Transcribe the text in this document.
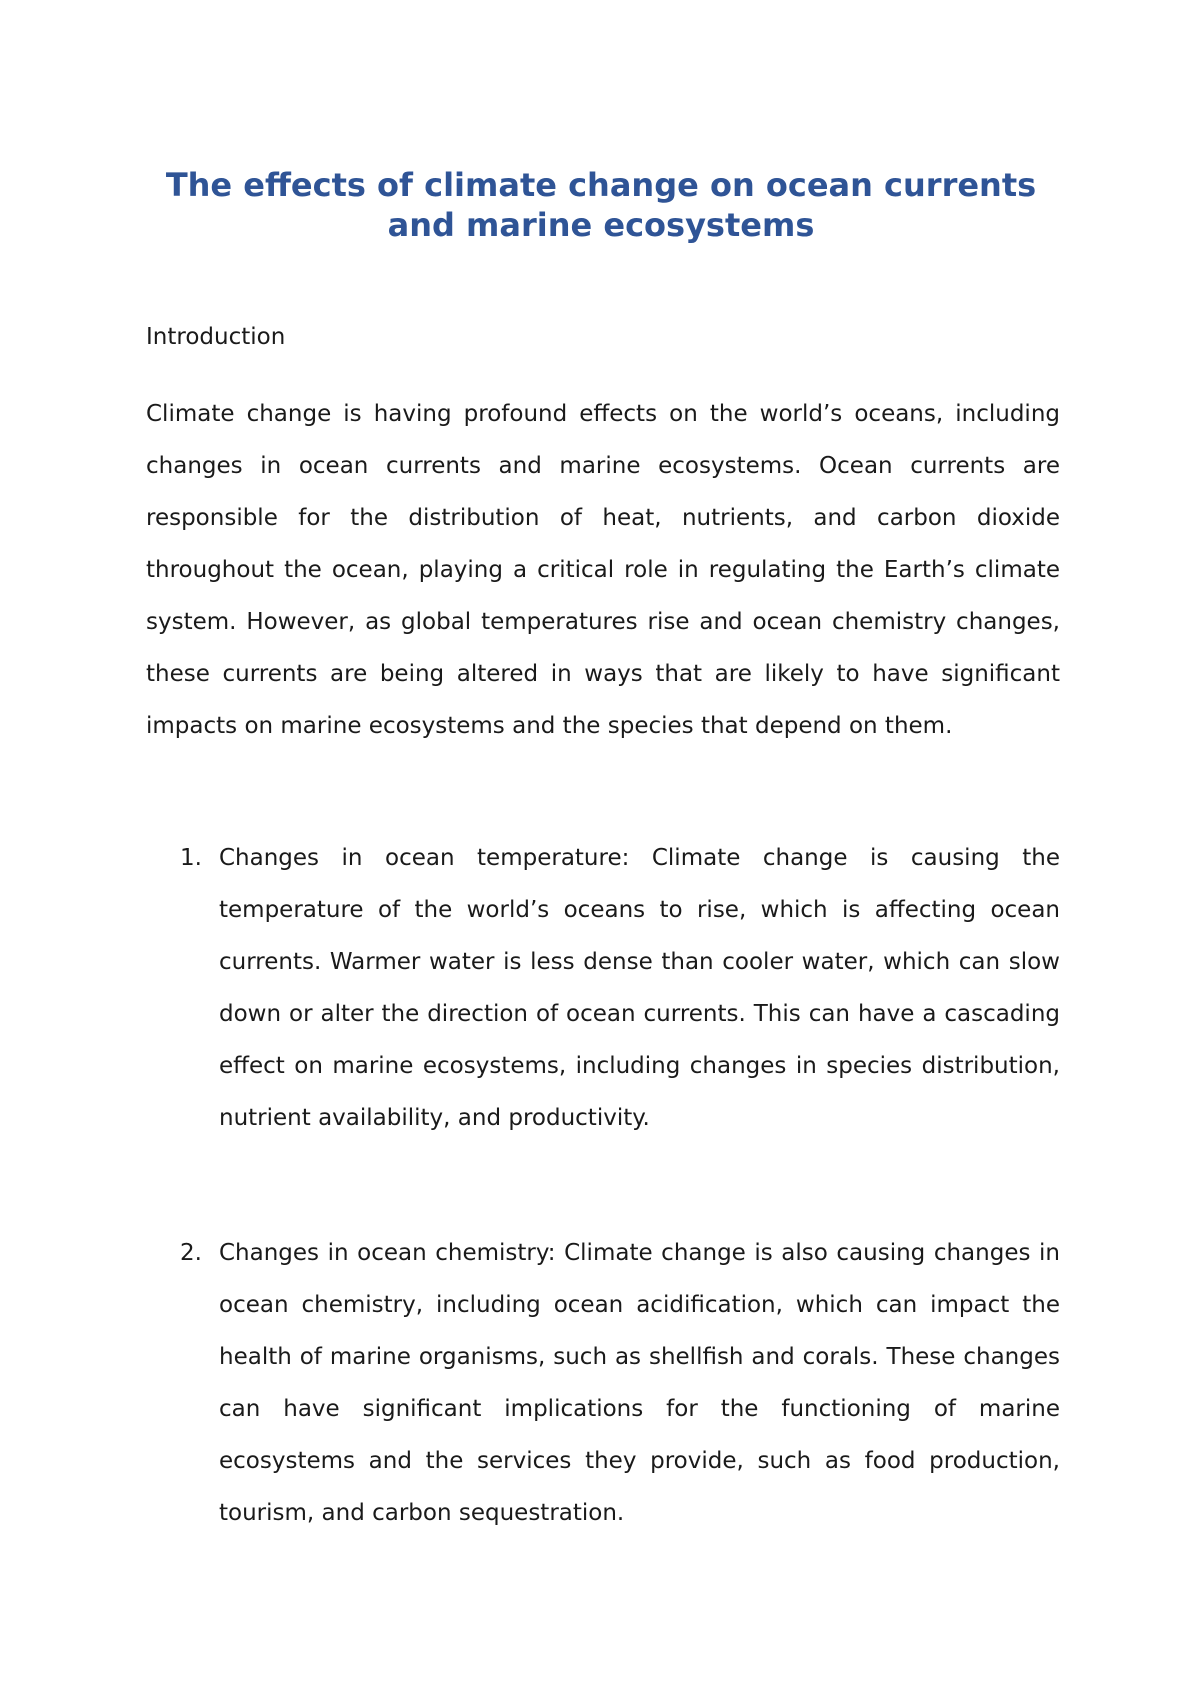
The effects of climate change on ocean currents and marine ecosystems
Introduction

Climate change is having profound effects on the world’s oceans, including changes in ocean currents and marine ecosystems. Ocean currents are responsible for the distribution of heat, nutrients, and carbon dioxide throughout the ocean, playing a critical role in regulating the Earth’s climate system. However, as global temperatures rise and ocean chemistry changes, these currents are being altered in ways that are likely to have significant impacts on marine ecosystems and the species that depend on them.

1. Changes in ocean temperature: Climate change is causing the temperature of the world’s oceans to rise, which is affecting ocean currents. Warmer water is less dense than cooler water, which can slow down or alter the direction of ocean currents. This can have a cascading effect on marine ecosystems, including changes in species distribution, nutrient availability, and productivity.
2. Changes in ocean chemistry: Climate change is also causing changes in ocean chemistry, including ocean acidification, which can impact the health of marine organisms, such as shellfish and corals. These changes can have significant implications for the functioning of marine ecosystems and the services they provide, such as food production, tourism, and carbon sequestration.
